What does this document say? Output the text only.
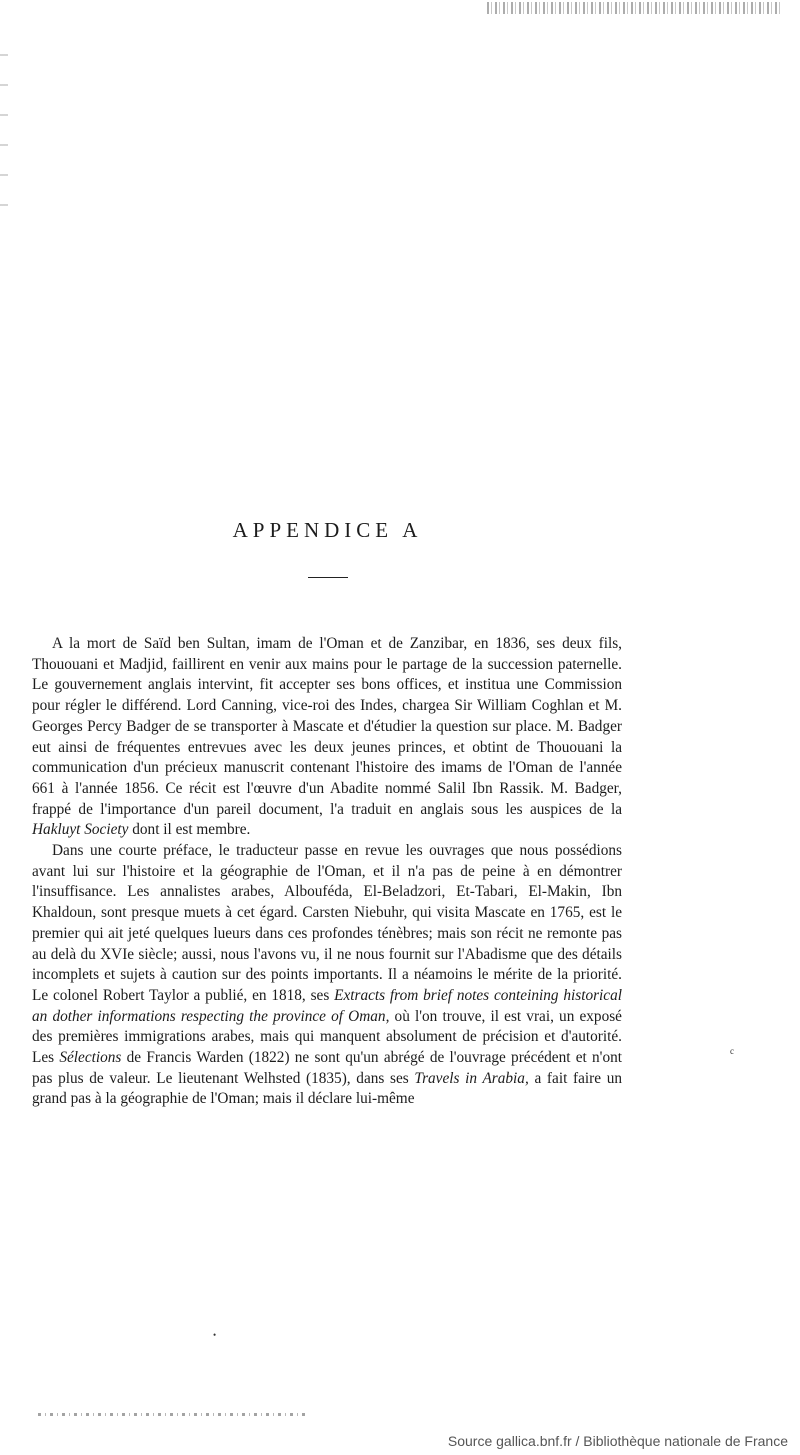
APPENDICE A

A la mort de Saïd ben Sultan, imam de l'Oman et de Zanzibar, en 1836, ses deux fils, Thououani et Madjid, faillirent en venir aux mains pour le partage de la succession paternelle. Le gouvernement anglais intervint, fit accepter ses bons offices, et institua une Commission pour régler le différend. Lord Canning, vice-roi des Indes, chargea Sir William Coghlan et M. Georges Percy Badger de se transporter à Mascate et d'étudier la question sur place. M. Badger eut ainsi de fréquentes entrevues avec les deux jeunes princes, et obtint de Thououani la communication d'un précieux manuscrit contenant l'histoire des imams de l'Oman de l'année 661 à l'année 1856. Ce récit est l'œuvre d'un Abadite nommé Salil Ibn Rassik. M. Badger, frappé de l'importance d'un pareil document, l'a traduit en anglais sous les auspices de la Hakluyt Society dont il est membre.

Dans une courte préface, le traducteur passe en revue les ouvrages que nous possédions avant lui sur l'histoire et la géographie de l'Oman, et il n'a pas de peine à en démontrer l'insuffisance. Les annalistes arabes, Albouféda, El-Beladzori, Et-Tabari, El-Makin, Ibn Khaldoun, sont presque muets à cet égard. Carsten Niebuhr, qui visita Mascate en 1765, est le premier qui ait jeté quelques lueurs dans ces profondes ténèbres; mais son récit ne remonte pas au delà du XVIe siècle; aussi, nous l'avons vu, il ne nous fournit sur l'Abadisme que des détails incomplets et sujets à caution sur des points importants. Il a néamoins le mérite de la priorité. Le colonel Robert Taylor a publié, en 1818, ses Extracts from brief notes conteining historical an dother informations respecting the province of Oman, où l'on trouve, il est vrai, un exposé des premières immigrations arabes, mais qui manquent absolument de précision et d'autorité. Les Sélections de Francis Warden (1822) ne sont qu'un abrégé de l'ouvrage précédent et n'ont pas plus de valeur. Le lieutenant Welhsted (1835), dans ses Travels in Arabia, a fait faire un grand pas à la géographie de l'Oman; mais il déclare lui-même

c
•
Source gallica.bnf.fr / Bibliothèque nationale de France
